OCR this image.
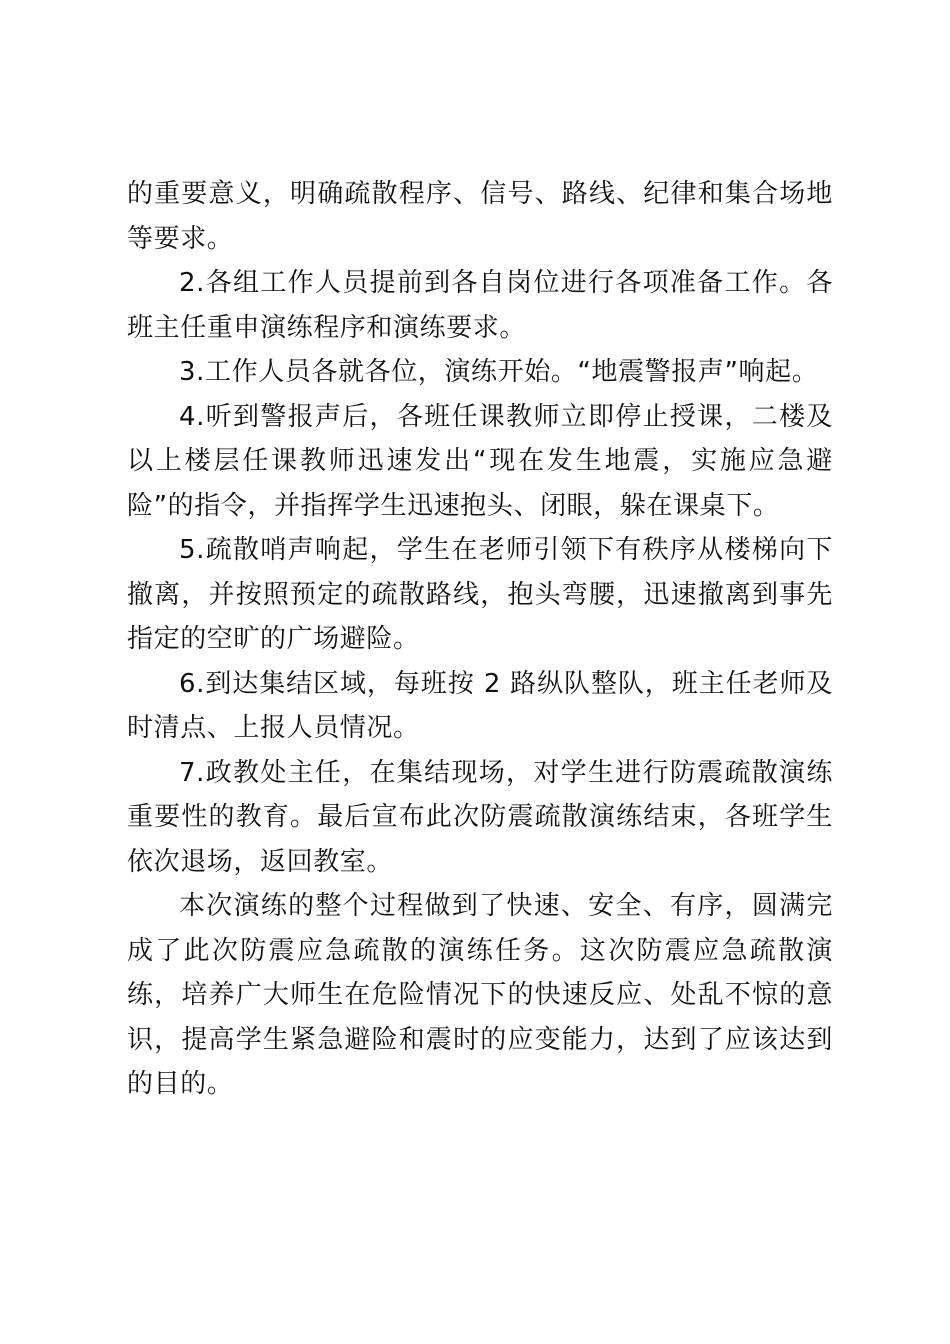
的重要意义，明确疏散程序、信号、路线、纪律和集合场地等要求。

2.各组工作人员提前到各自岗位进行各项准备工作。各班主任重申演练程序和演练要求。

3.工作人员各就各位，演练开始。“地震警报声”响起。

4.听到警报声后，各班任课教师立即停止授课，二楼及以上楼层任课教师迅速发出“现在发生地震，实施应急避险”的指令，并指挥学生迅速抱头、闭眼，躲在课桌下。

5.疏散哨声响起，学生在老师引领下有秩序从楼梯向下撤离，并按照预定的疏散路线，抱头弯腰，迅速撤离到事先指定的空旷的广场避险。

6.到达集结区域，每班按 2 路纵队整队，班主任老师及时清点、上报人员情况。

7.政教处主任，在集结现场，对学生进行防震疏散演练重要性的教育。最后宣布此次防震疏散演练结束，各班学生依次退场，返回教室。

本次演练的整个过程做到了快速、安全、有序，圆满完成了此次防震应急疏散的演练任务。这次防震应急疏散演练，培养广大师生在危险情况下的快速反应、处乱不惊的意识，提高学生紧急避险和震时的应变能力，达到了应该达到的目的。
